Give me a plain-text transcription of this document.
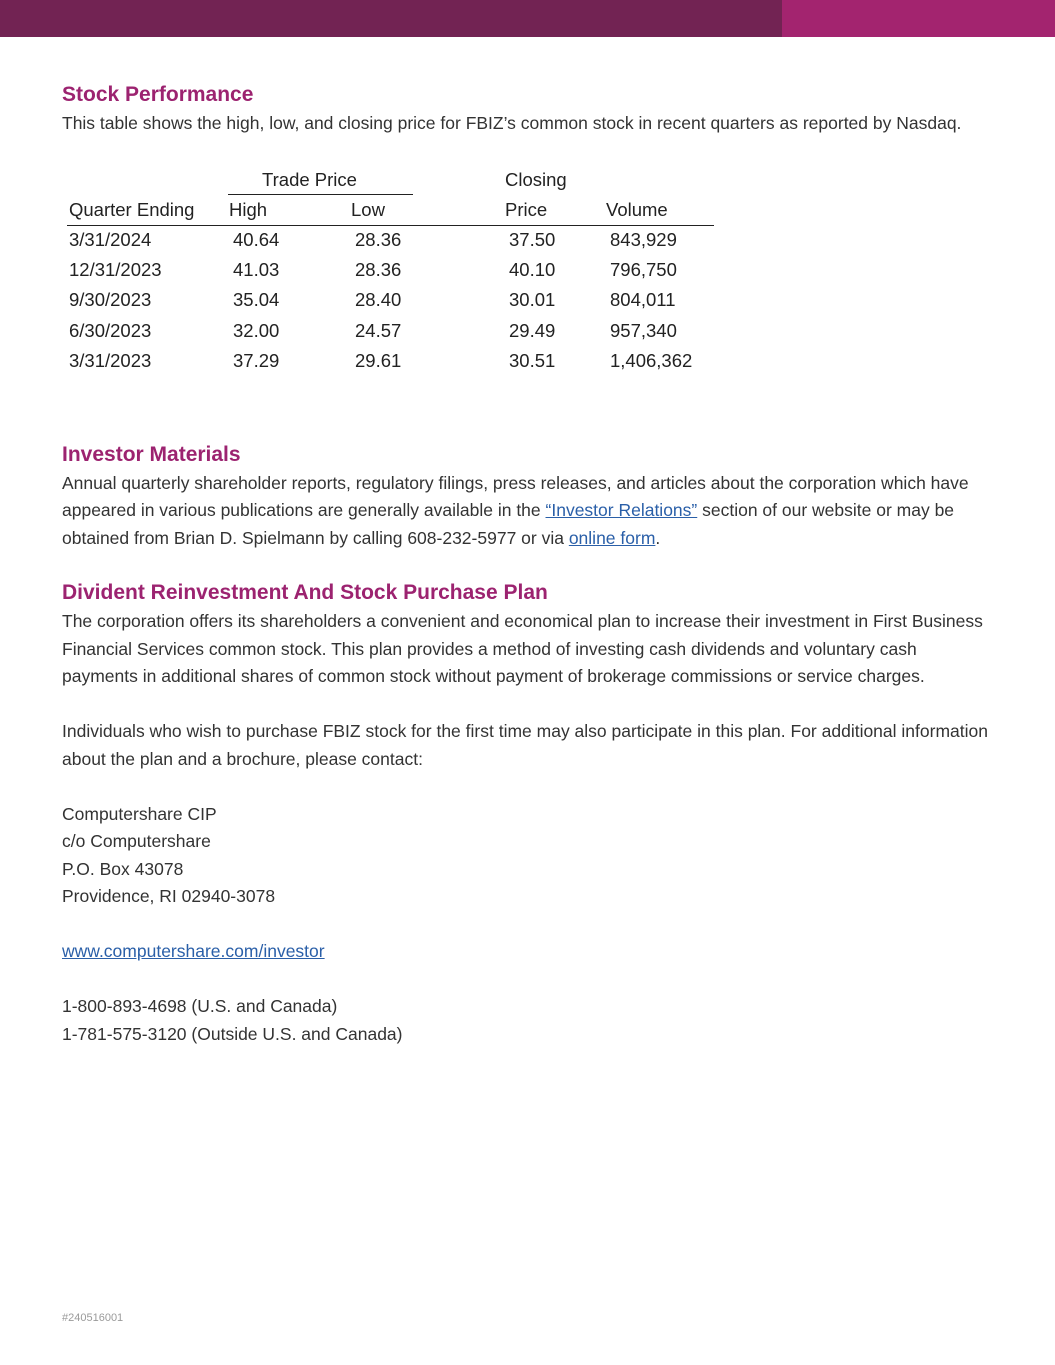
Stock Performance

This table shows the high, low, and closing price for FBIZ’s common stock in recent quarters as reported by Nasdaq.

Trade Price	Closing
Quarter Ending High	Low	Price	Volume
3/31/2024	40.64	28.36	37.50	843,929
12/31/2023	41.03	28.36	40.10	796,750
9/30/2023	35.04	28.40	30.01	804,011
6/30/2023	32.00	24.57	29.49	957,340
3/31/2023	37.29	29.61	30.51	1,406,362
Investor Materials

Annual quarterly shareholder reports, regulatory filings, press releases, and articles about the corporation which have appeared in various publications are generally available in the “Investor Relations” section of our website or may be obtained from Brian D. Spielmann by calling 608-232-5977 or via online form.

Divident Reinvestment And Stock Purchase Plan

The corporation offers its shareholders a convenient and economical plan to increase their investment in First Business Financial Services common stock. This plan provides a method of investing cash dividends and voluntary cash payments in additional shares of common stock without payment of brokerage commissions or service charges.

Individuals who wish to purchase FBIZ stock for the first time may also participate in this plan. For additional information about the plan and a brochure, please contact:

Computershare CIP

c/o Computershare

P.O. Box 43078

Providence, RI 02940-3078

www.computershare.com/investor

1-800-893-4698 (U.S. and Canada)

1-781-575-3120 (Outside U.S. and Canada)

#240516001
